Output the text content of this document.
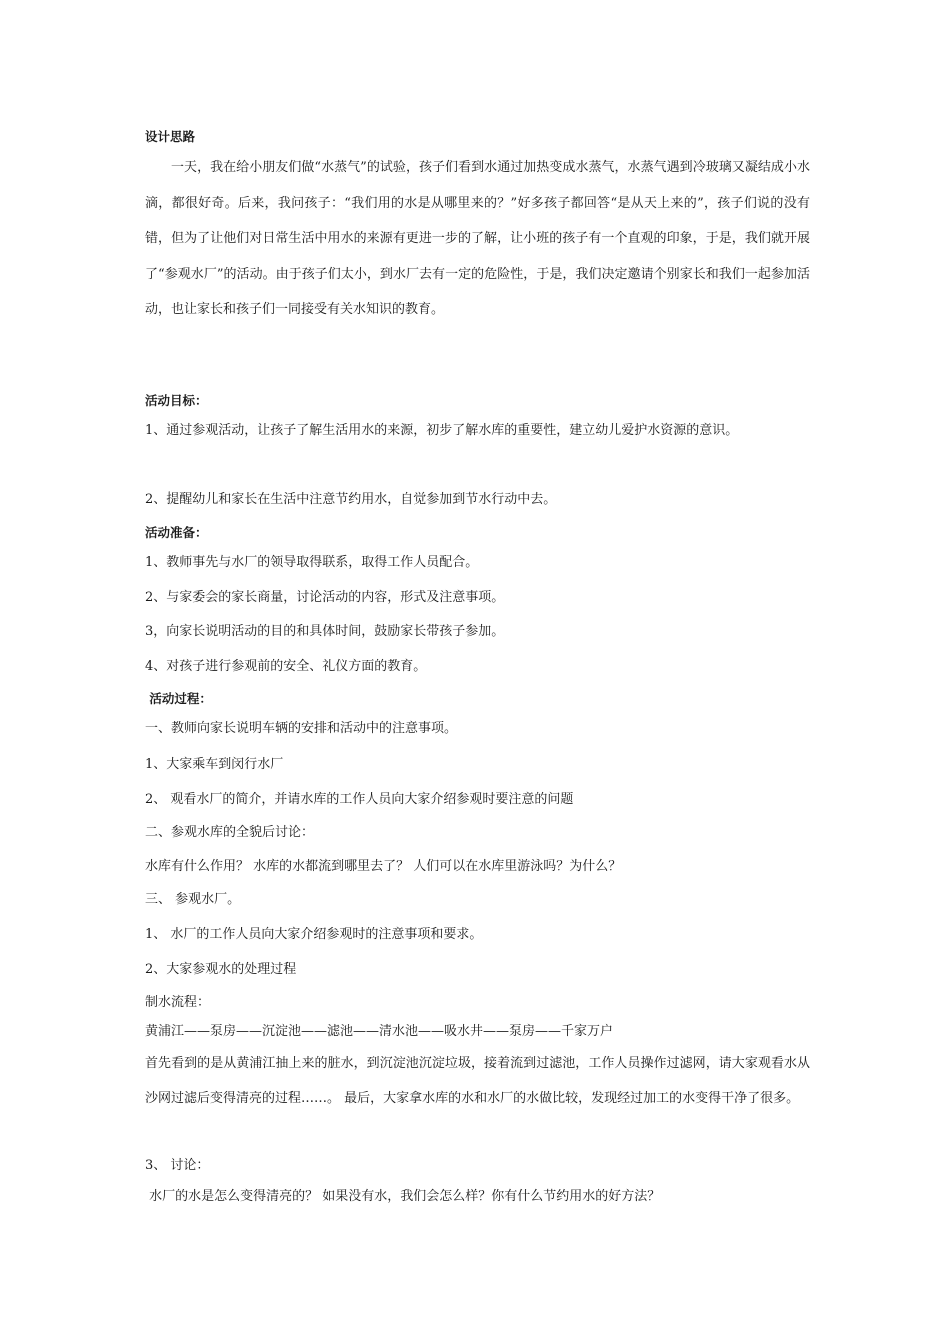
设计思路
一天，我在给小朋友们做“水蒸气”的试验，孩子们看到水通过加热变成水蒸气，水蒸气遇到冷玻璃又凝结成小水滴，都很好奇。后来，我问孩子：“我们用的水是从哪里来的？”好多孩子都回答“是从天上来的”，孩子们说的没有错，但为了让他们对日常生活中用水的来源有更进一步的了解，让小班的孩子有一个直观的印象，于是，我们就开展了“参观水厂”的活动。由于孩子们太小，到水厂去有一定的危险性，于是，我们决定邀请个别家长和我们一起参加活动，也让家长和孩子们一同接受有关水知识的教育。
活动目标：
1、通过参观活动，让孩子了解生活用水的来源，初步了解水库的重要性，建立幼儿爱护水资源的意识。
2、提醒幼儿和家长在生活中注意节约用水，自觉参加到节水行动中去。
活动准备：
1、教师事先与水厂的领导取得联系，取得工作人员配合。
2、与家委会的家长商量，讨论活动的内容，形式及注意事项。
3，向家长说明活动的目的和具体时间，鼓励家长带孩子参加。
4、对孩子进行参观前的安全、礼仪方面的教育。
活动过程：
一、教师向家长说明车辆的安排和活动中的注意事项。
1、大家乘车到闵行水厂
2、 观看水厂的简介，并请水库的工作人员向大家介绍参观时要注意的问题
二、参观水库的全貌后讨论：
水库有什么作用？ 水库的水都流到哪里去了？ 人们可以在水库里游泳吗？为什么？
三、 参观水厂。
1、 水厂的工作人员向大家介绍参观时的注意事项和要求。
2、大家参观水的处理过程
制水流程：
黄浦江——泵房——沉淀池——滤池——清水池——吸水井——泵房——千家万户
首先看到的是从黄浦江抽上来的脏水，到沉淀池沉淀垃圾，接着流到过滤池，工作人员操作过滤网，请大家观看水从沙网过滤后变得清亮的过程……。 最后，大家拿水库的水和水厂的水做比较，发现经过加工的水变得干净了很多。
3、 讨论：
水厂的水是怎么变得清亮的？ 如果没有水，我们会怎么样？你有什么节约用水的好方法？
